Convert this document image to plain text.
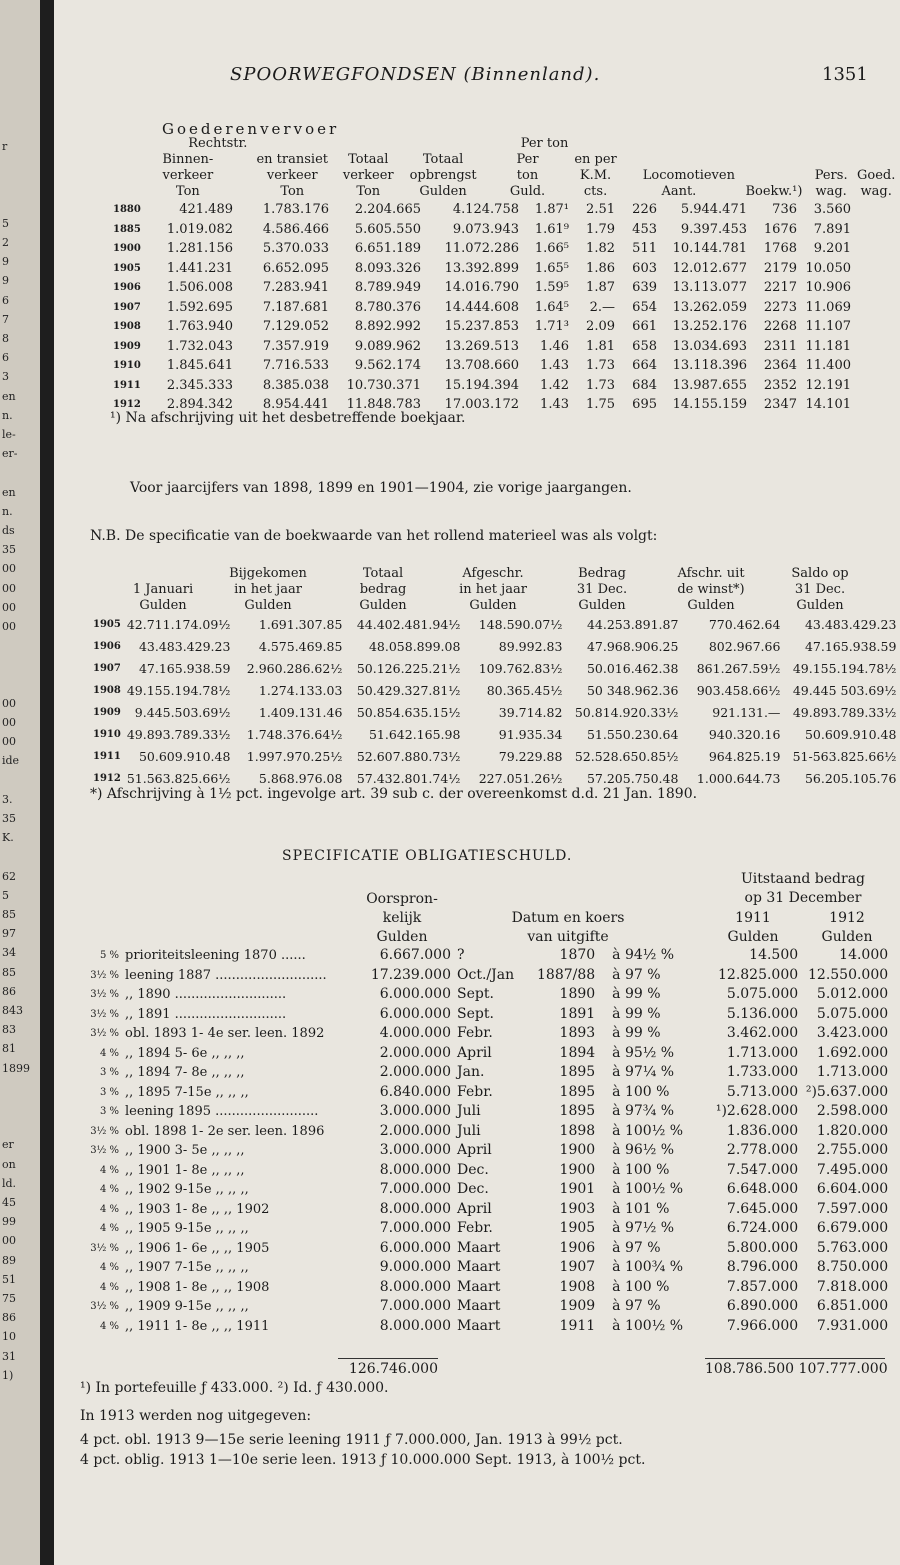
r
5
2
9
9
6
7
8
6
3
en
n.
le-
er-
en
n.
ds
35
00
00
00
00
00
00
00
ide
3.
35
K.
62
5
85
97
34
85
86
843
83
81
1899
er
on
ld.
45
99
00
89
51
75
86
10
31
1)
SPOORWEGFONDSEN (Binnenland).	1351
Goederenvervoer

Rechtstr.
Binnen-
verkeer
Ton

en transiet
verkeer
Ton

Totaal
verkeer
Ton

Totaal
opbrengst
Gulden

Per ton
Per
ton
Guld.

en per
K.M.
cts.

Locomotieven
Aant.	Boekw.¹)

Pers.
wag.

Goed.
wag.
1880	421.489	1.783.176	2.204.665	4.124.758	1.87¹	2.51	226	5.944.471	736	3.560
1885	1.019.082	4.586.466	5.605.550	9.073.943	1.61⁹	1.79	453	9.397.453	1676	7.891
1900	1.281.156	5.370.033	6.651.189	11.072.286	1.66⁵	1.82	511	10.144.781	1768	9.201
1905	1.441.231	6.652.095	8.093.326	13.392.899	1.65⁵	1.86	603	12.012.677	2179	10.050
1906	1.506.008	7.283.941	8.789.949	14.016.790	1.59⁵	1.87	639	13.113.077	2217	10.906
1907	1.592.695	7.187.681	8.780.376	14.444.608	1.64⁵	2.—	654	13.262.059	2273	11.069
1908	1.763.940	7.129.052	8.892.992	15.237.853	1.71³	2.09	661	13.252.176	2268	11.107
1909	1.732.043	7.357.919	9.089.962	13.269.513	1.46	1.81	658	13.034.693	2311	11.181
1910	1.845.641	7.716.533	9.562.174	13.708.660	1.43	1.73	664	13.118.396	2364	11.400
1911	2.345.333	8.385.038	10.730.371	15.194.394	1.42	1.73	684	13.987.655	2352	12.191
1912	2.894.342	8.954.441	11.848.783	17.003.172	1.43	1.75	695	14.155.159	2347	14.101
¹) Na afschrijving uit het desbetreffende boekjaar.
Voor jaarcijfers van 1898, 1899 en 1901—1904, zie vorige jaargangen.
N.B. De specificatie van de boekwaarde van het rollend materieel was als volgt:

1 Januari
Gulden

Bijgekomen
in het jaar
Gulden

Totaal
bedrag
Gulden

Afgeschr.
in het jaar
Gulden

Bedrag
31 Dec.
Gulden

Afschr. uit
de winst*)
Gulden

Saldo op
31 Dec.
Gulden
1905	42.711.174.09½	1.691.307.85	44.402.481.94½	148.590.07½	44.253.891.87	770.462.64	43.483.429.23
1906	43.483.429.23	4.575.469.85	48.058.899.08	89.992.83	47.968.906.25	802.967.66	47.165.938.59
1907	47.165.938.59	2.960.286.62½	50.126.225.21½	109.762.83½	50.016.462.38	861.267.59½	49.155.194.78½
1908	49.155.194.78½	1.274.133.03	50.429.327.81½	80.365.45½	50 348.962.36	903.458.66½	49.445 503.69½
1909	9.445.503.69½	1.409.131.46	50.854.635.15½	39.714.82	50.814.920.33½	921.131.—	49.893.789.33½
1910	49.893.789.33½	1.748.376.64½	51.642.165.98	91.935.34	51.550.230.64	940.320.16	50.609.910.48
1911	50.609.910.48	1.997.970.25½	52.607.880.73½	79.229.88	52.528.650.85½	964.825.19	51-563.825.66½
1912	51.563.825.66½	5.868.976.08	57.432.801.74½	227.051.26½	57.205.750.48	1.000.644.73	56.205.105.76
*) Afschrijving à 1½ pct. ingevolge art. 39 sub c. der overeenkomst d.d. 21 Jan. 1890.
SPECIFICATIE OBLIGATIESCHULD.
Oorspron-
kelijk
Gulden
Datum en koers
van uitgifte
Uitstaand bedrag
op 31 December
1911
Gulden
1912
Gulden
5 %	prioriteitsleening 1870 ......	6.667.000	?	1870	à 94½ %	14.500	14.000
3½ %	leening 1887 ...........................	17.239.000	Oct./Jan	1887/88	à 97 %	12.825.000	12.550.000
3½ %	,, 1890 ...........................	6.000.000	Sept.	1890	à 99 %	5.075.000	5.012.000
3½ %	,, 1891 ...........................	6.000.000	Sept.	1891	à 99 %	5.136.000	5.075.000
3½ %	obl. 1893 1- 4e ser. leen. 1892	4.000.000	Febr.	1893	à 99 %	3.462.000	3.423.000
4 %	,, 1894 5- 6e ,, ,, ,,	2.000.000	April	1894	à 95½ %	1.713.000	1.692.000
3 %	,, 1894 7- 8e ,, ,, ,,	2.000.000	Jan.	1895	à 97¼ %	1.733.000	1.713.000
3 %	,, 1895 7-15e ,, ,, ,,	6.840.000	Febr.	1895	à 100 %	5.713.000	²)5.637.000
3 %	leening 1895 .........................	3.000.000	Juli	1895	à 97¾ %	¹)2.628.000	2.598.000
3½ %	obl. 1898 1- 2e ser. leen. 1896	2.000.000	Juli	1898	à 100½ %	1.836.000	1.820.000
3½ %	,, 1900 3- 5e ,, ,, ,,	3.000.000	April	1900	à 96½ %	2.778.000	2.755.000
4 %	,, 1901 1- 8e ,, ,, ,,	8.000.000	Dec.	1900	à 100 %	7.547.000	7.495.000
4 %	,, 1902 9-15e ,, ,, ,,	7.000.000	Dec.	1901	à 100½ %	6.648.000	6.604.000
4 %	,, 1903 1- 8e ,, ,, 1902	8.000.000	April	1903	à 101 %	7.645.000	7.597.000
4 %	,, 1905 9-15e ,, ,, ,,	7.000.000	Febr.	1905	à 97½ %	6.724.000	6.679.000
3½ %	,, 1906 1- 6e ,, ,, 1905	6.000.000	Maart	1906	à 97 %	5.800.000	5.763.000
4 %	,, 1907 7-15e ,, ,, ,,	9.000.000	Maart	1907	à 100¾ %	8.796.000	8.750.000
4 %	,, 1908 1- 8e ,, ,, 1908	8.000.000	Maart	1908	à 100 %	7.857.000	7.818.000
3½ %	,, 1909 9-15e ,, ,, ,,	7.000.000	Maart	1909	à 97 %	6.890.000	6.851.000
4 %	,, 1911 1- 8e ,, ,, 1911	8.000.000	Maart	1911	à 100½ %	7.966.000	7.931.000
126.746.000	108.786.500 107.777.000
¹) In portefeuille ƒ 433.000. ²) Id. ƒ 430.000.
In 1913 werden nog uitgegeven:
4 pct. obl. 1913 9—15e serie leening 1911 ƒ 7.000.000, Jan. 1913 à 99½ pct.
4 pct. oblig. 1913 1—10e serie leen. 1913 ƒ 10.000.000 Sept. 1913, à 100½ pct.
